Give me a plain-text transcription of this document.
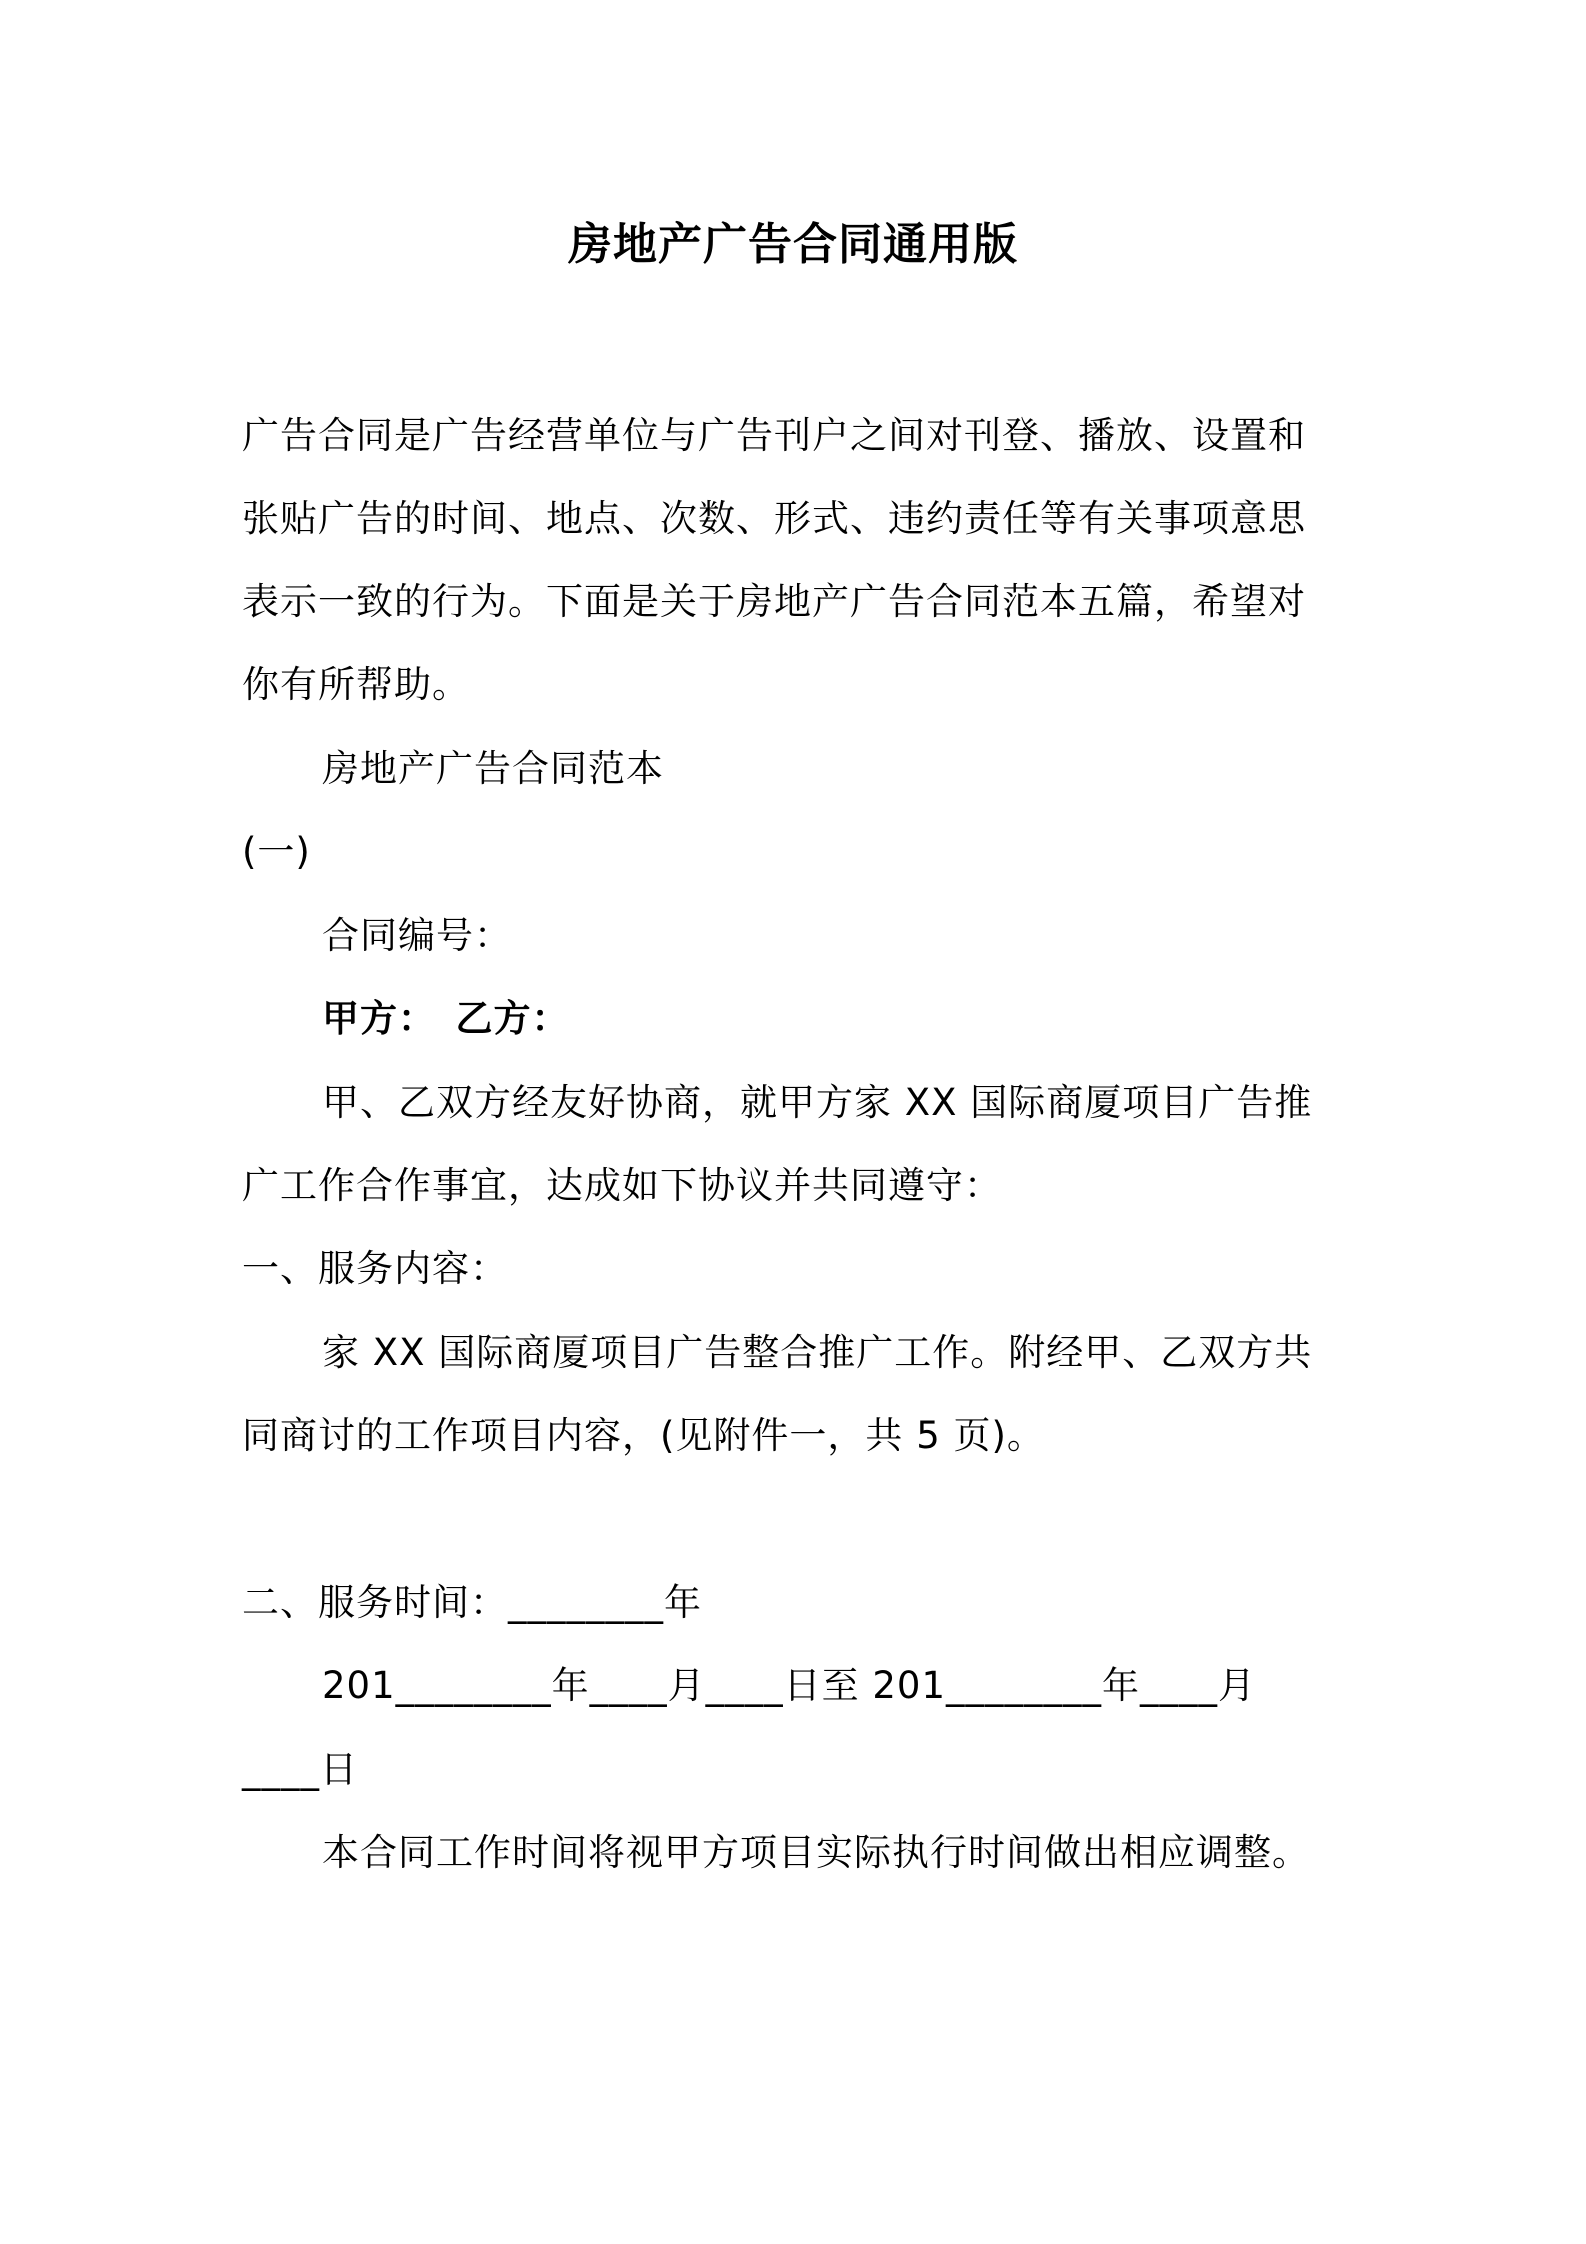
房地产广告合同通用版
广告合同是广告经营单位与广告刊户之间对刊登、播放、设置和
张贴广告的时间、地点、次数、形式、违约责任等有关事项意思
表示一致的行为。下面是关于房地产广告合同范本五篇，希望对
你有所帮助。
房地产广告合同范本
(一)
合同编号：
甲方：　乙方：
甲、乙双方经友好协商，就甲方家 XX 国际商厦项目广告推
广工作合作事宜，达成如下协议并共同遵守：
一、服务内容：
家 XX 国际商厦项目广告整合推广工作。附经甲、乙双方共
同商讨的工作项目内容，(见附件一，共 5 页)。
二、服务时间：________年
201________年____月____日至 201________年____月
____日
本合同工作时间将视甲方项目实际执行时间做出相应调整。
